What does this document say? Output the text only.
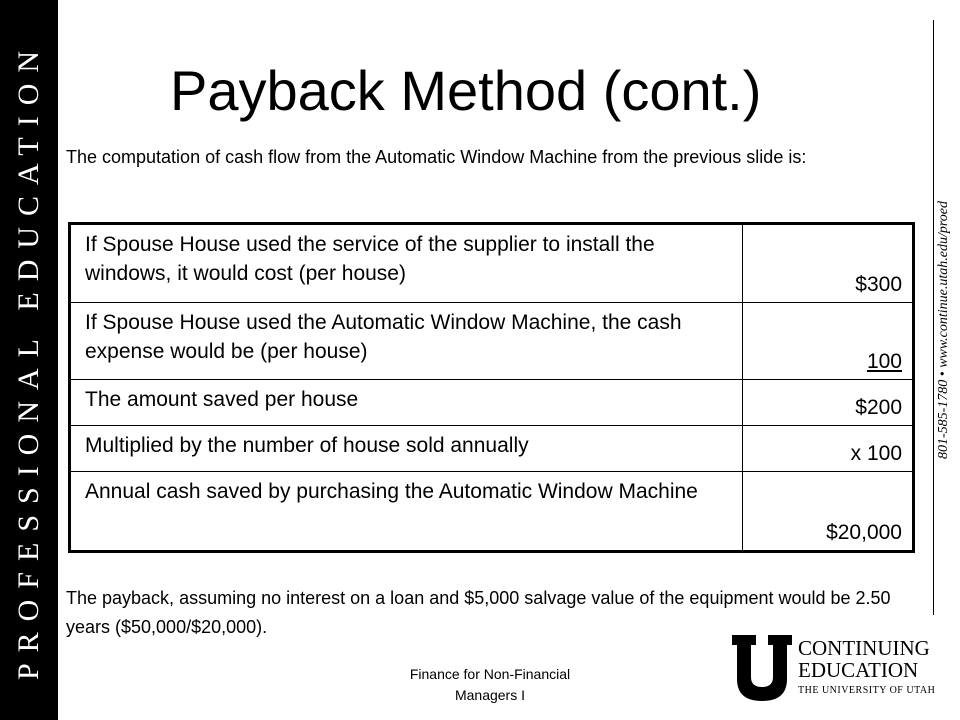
PROFESSIONAL EDUCATION	801-585-1780 • www.continue.utah.edu/proed
Payback Method (cont.)
The computation of cash flow from the Automatic Window Machine from the previous slide is:
If Spouse House used the service of the supplier to install the windows, it would cost (per house)	$300
If Spouse House used the Automatic Window Machine, the cash expense would be (per house)	100
The amount saved per house	$200
Multiplied by the number of house sold annually	x 100
Annual cash saved by purchasing the Automatic Window Machine	$20,000
The payback, assuming no interest on a loan and $5,000 salvage value of the equipment would be 2.50 years ($50,000/$20,000).
Finance for Non-Financial
Managers I
CONTINUING
EDUCATION
THE UNIVERSITY OF UTAH
